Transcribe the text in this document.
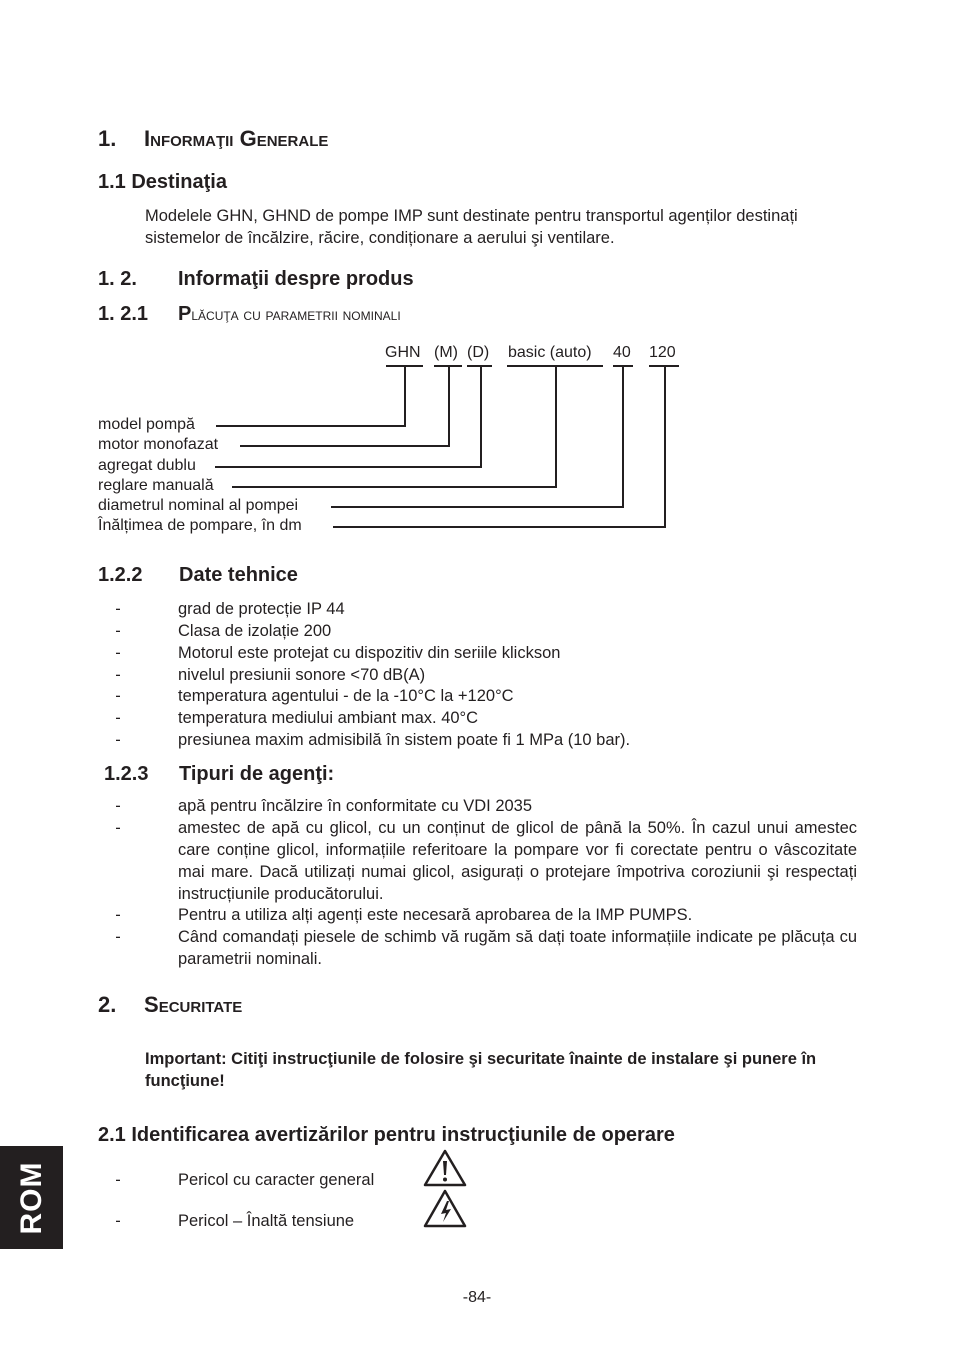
1. Informaţii Generale
1.1 Destinaţia
Modelele GHN, GHND de pompe IMP sunt destinate pentru transportul agenților destinați sistemelor de încălzire, răcire, condiționare a aerului şi ventilare.
1. 2. Informaţii despre produs
1. 2.1 Plăcuţa cu parametrii nominali
GHN (M) (D) basic (auto) 40 120
model pompă
motor monofazat
agregat dublu
reglare manuală
diametrul nominal al pompei
Înălțimea de pompare, în dm
1.2.2 Date tehnice
-	grad de protecție IP 44
-	Clasa de izolație 200
-	Motorul este protejat cu dispozitiv din seriile klickson
-	nivelul presiunii sonore <70 dB(A)
-	temperatura agentului - de la -10°C la +120°C
-	temperatura mediului ambiant max. 40°C
-	presiunea maxim admisibilă în sistem poate fi 1 MPa (10 bar).
1.2.3 Tipuri de agenţi:
-	apă pentru încălzire în conformitate cu VDI 2035
-	amestec de apă cu glicol, cu un conținut de glicol de până la 50%. În cazul unui amestec care conține glicol, informațiile referitoare la pompare vor fi corectate pentru o vâscozitate mai mare. Dacă utilizați numai glicol, asigurați o protejare împotriva coroziunii şi respectați instrucțiunile producătorului.
-	Pentru a utiliza alți agenți este necesară aprobarea de la IMP PUMPS.
-	Când comandați piesele de schimb vă rugăm să dați toate informațiile indicate pe plăcuța cu parametrii nominali.
2. Securitate
Important: Citiţi instrucţiunile de folosire şi securitate înainte de instalare şi punere în funcţiune!
2.1 Identificarea avertizărilor pentru instrucţiunile de operare
-	Pericol cu caracter general
-	Pericol – Înaltă tensiune
ROM
-84-
